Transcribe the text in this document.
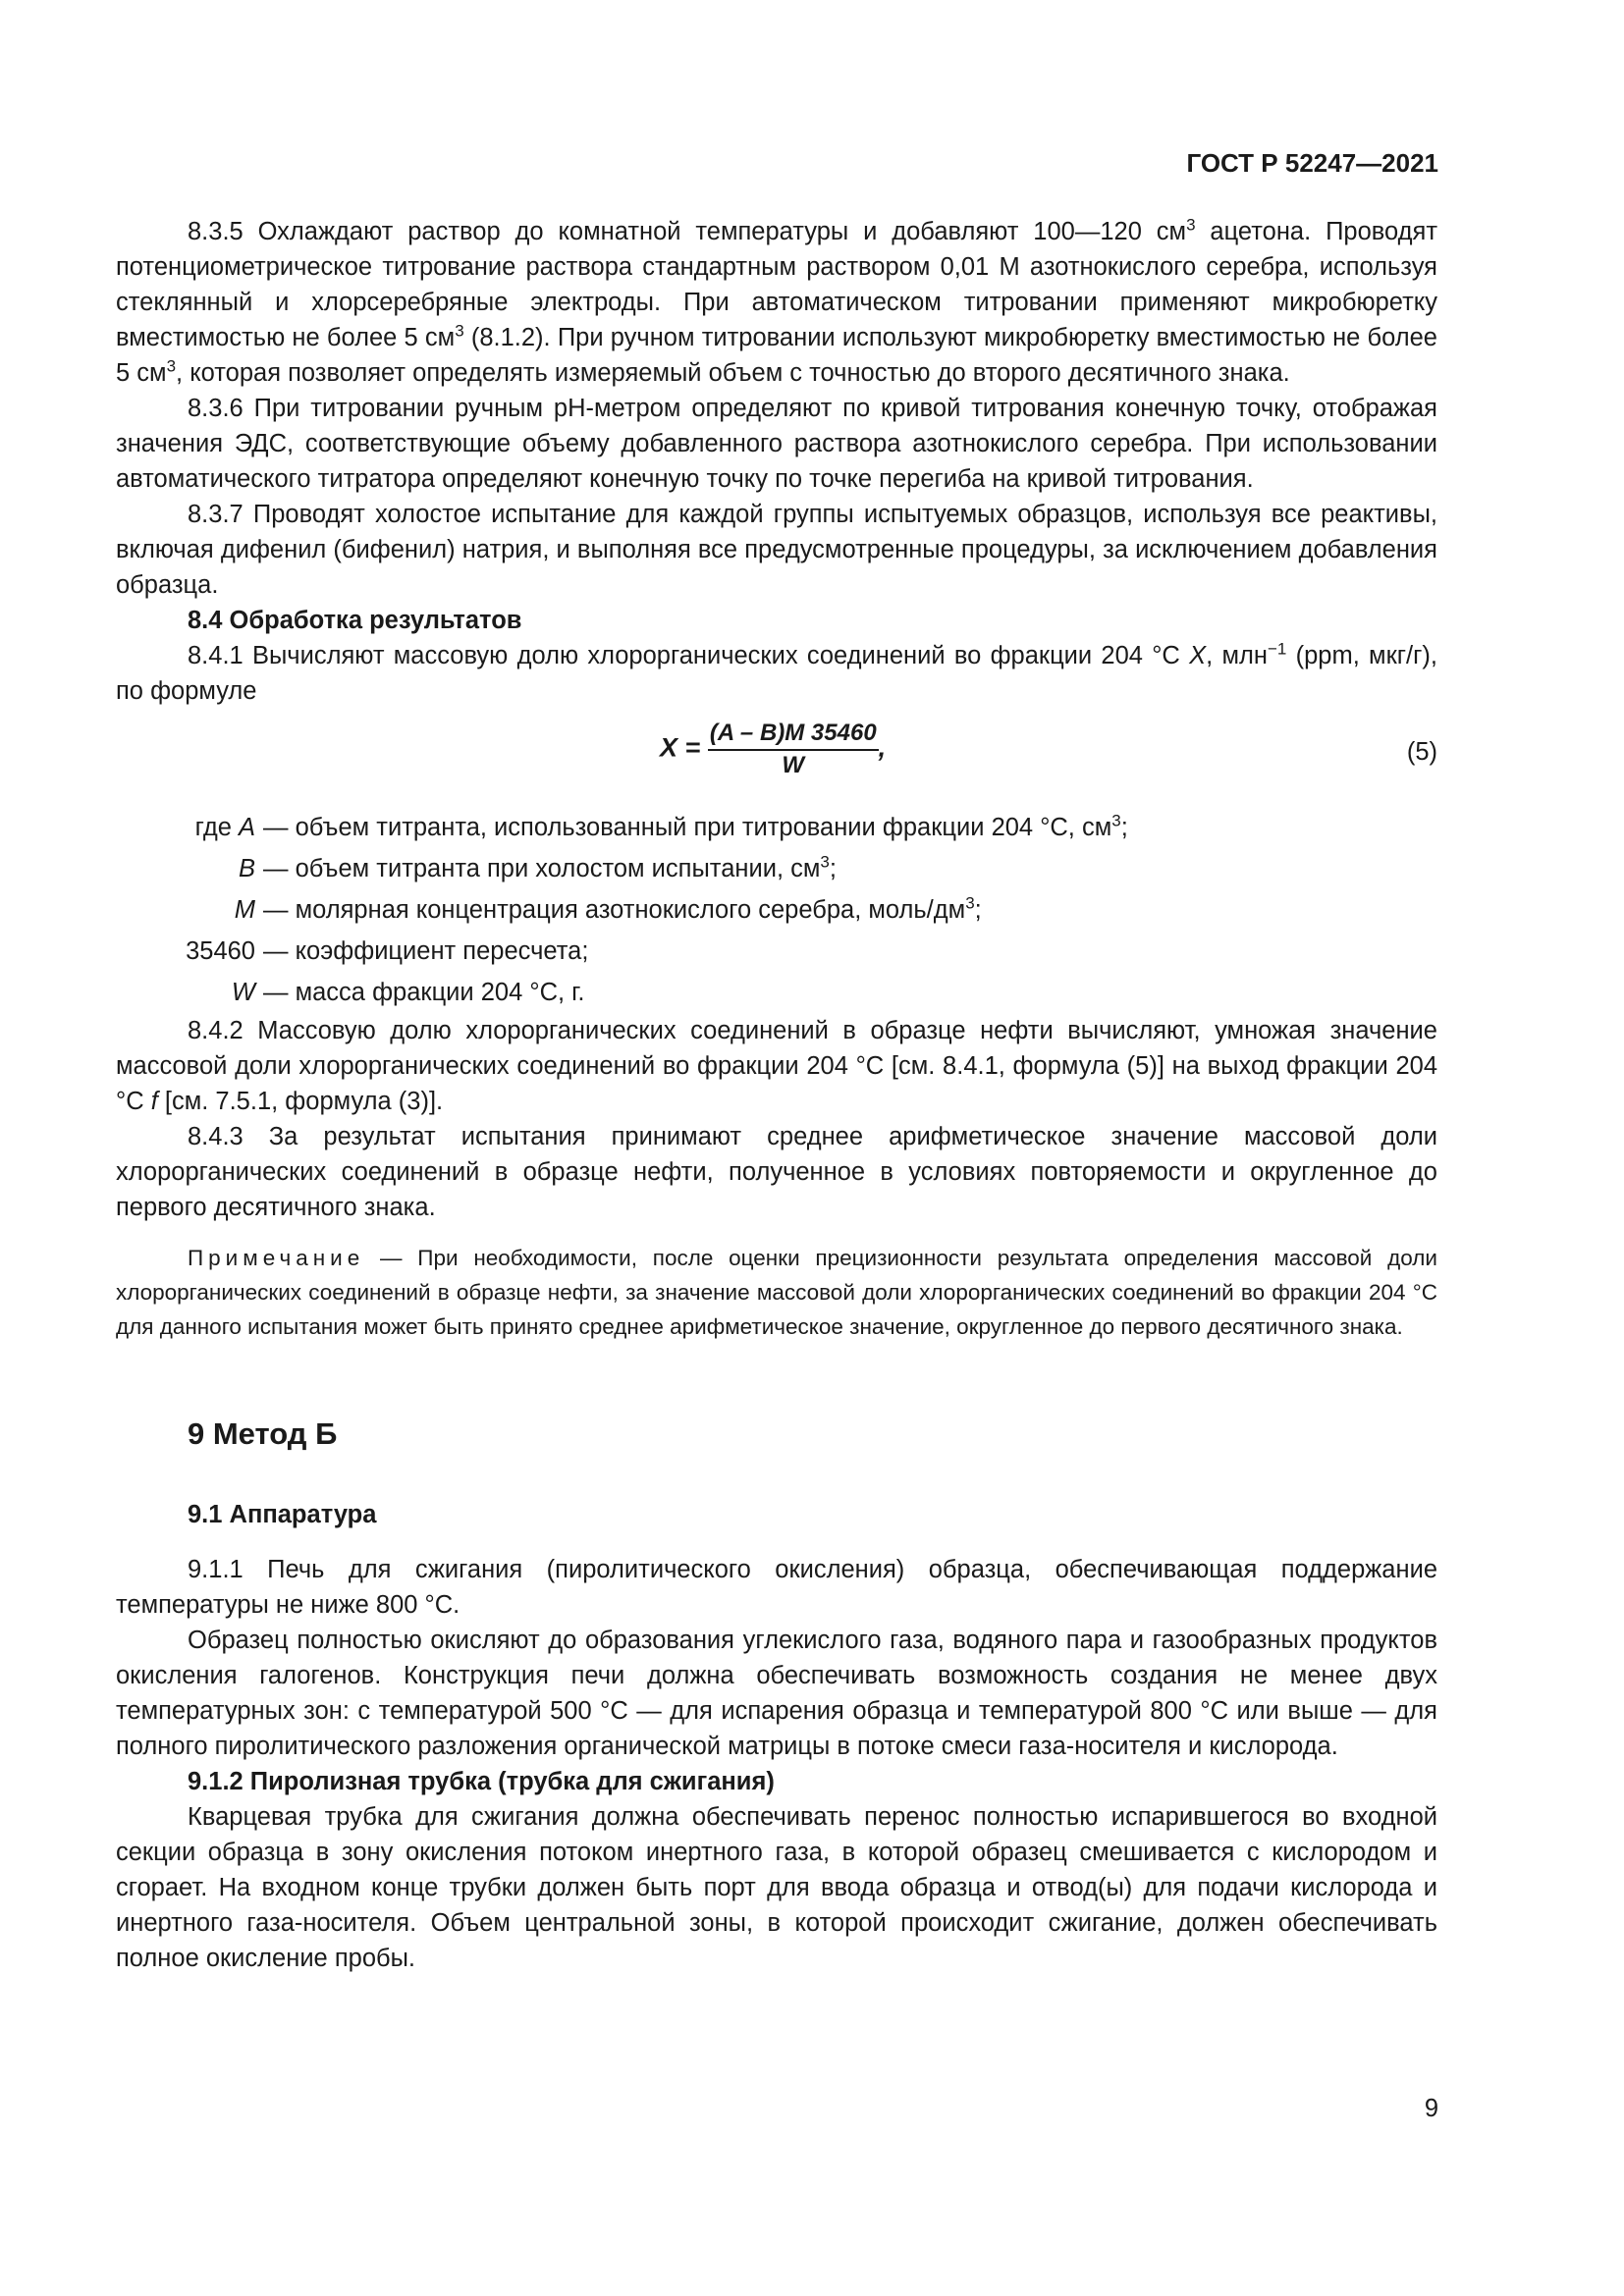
ГОСТ Р 52247—2021

8.3.5 Охлаждают раствор до комнатной температуры и добавляют 100—120 $см^3$ ацетона. Проводят потенциометрическое титрование раствора стандартным раствором 0,01 М азотнокислого серебра, используя стеклянный и хлорсеребряные электроды. При автоматическом титровании применяют микробюретку вместимостью не более 5 $см^3$ (8.1.2). При ручном титровании используют микробюретку вместимостью не более 5 $см^3$, которая позволяет определять измеряемый объем с точностью до второго десятичного знака.

8.3.6 При титровании ручным pH-метром определяют по кривой титрования конечную точку, отображая значения ЭДС, соответствующие объему добавленного раствора азотнокислого серебра. При использовании автоматического титратора определяют конечную точку по точке перегиба на кривой титрования.

8.3.7 Проводят холостое испытание для каждой группы испытуемых образцов, используя все реактивы, включая дифенил (бифенил) натрия, и выполняя все предусмотренные процедуры, за исключением добавления образца.

8.4 Обработка результатов

8.4.1 Вычисляют массовую долю хлорорганических соединений во фракции 204 °С X, млн$^{-1}$ (ppm, мкг/г), по формуле

$X = \frac{(A - B)M 35460}{W}$ ,	(5)
где A — объем титранта, использованный при титровании фракции 204 °С, $см^3$;
B — объем титранта при холостом испытании, $см^3$;
M — молярная концентрация азотнокислого серебра, моль/$дм^3$;
35460 — коэффициент пересчета;
W — масса фракции 204 °С, г.

8.4.2 Массовую долю хлорорганических соединений в образце нефти вычисляют, умножая значение массовой доли хлорорганических соединений во фракции 204 °С [см. 8.4.1, формула (5)] на выход фракции 204 °С f [см. 7.5.1, формула (3)].

8.4.3 За результат испытания принимают среднее арифметическое значение массовой доли хлорорганических соединений в образце нефти, полученное в условиях повторяемости и округленное до первого десятичного знака.

Примечание — При необходимости, после оценки прецизионности результата определения массовой доли хлорорганических соединений в образце нефти, за значение массовой доли хлорорганических соединений во фракции 204 °С для данного испытания может быть принято среднее арифметическое значение, округленное до первого десятичного знака.

9 Метод Б

9.1 Аппаратура

9.1.1 Печь для сжигания (пиролитического окисления) образца, обеспечивающая поддержание температуры не ниже 800 °С.

Образец полностью окисляют до образования углекислого газа, водяного пара и газообразных продуктов окисления галогенов. Конструкция печи должна обеспечивать возможность создания не менее двух температурных зон: с температурой 500 °С — для испарения образца и температурой 800 °С или выше — для полного пиролитического разложения органической матрицы в потоке смеси газа-носителя и кислорода.

9.1.2 Пиролизная трубка (трубка для сжигания)

Кварцевая трубка для сжигания должна обеспечивать перенос полностью испарившегося во входной секции образца в зону окисления потоком инертного газа, в которой образец смешивается с кислородом и сгорает. На входном конце трубки должен быть порт для ввода образца и отвод(ы) для подачи кислорода и инертного газа-носителя. Объем центральной зоны, в которой происходит сжигание, должен обеспечивать полное окисление пробы.

9
